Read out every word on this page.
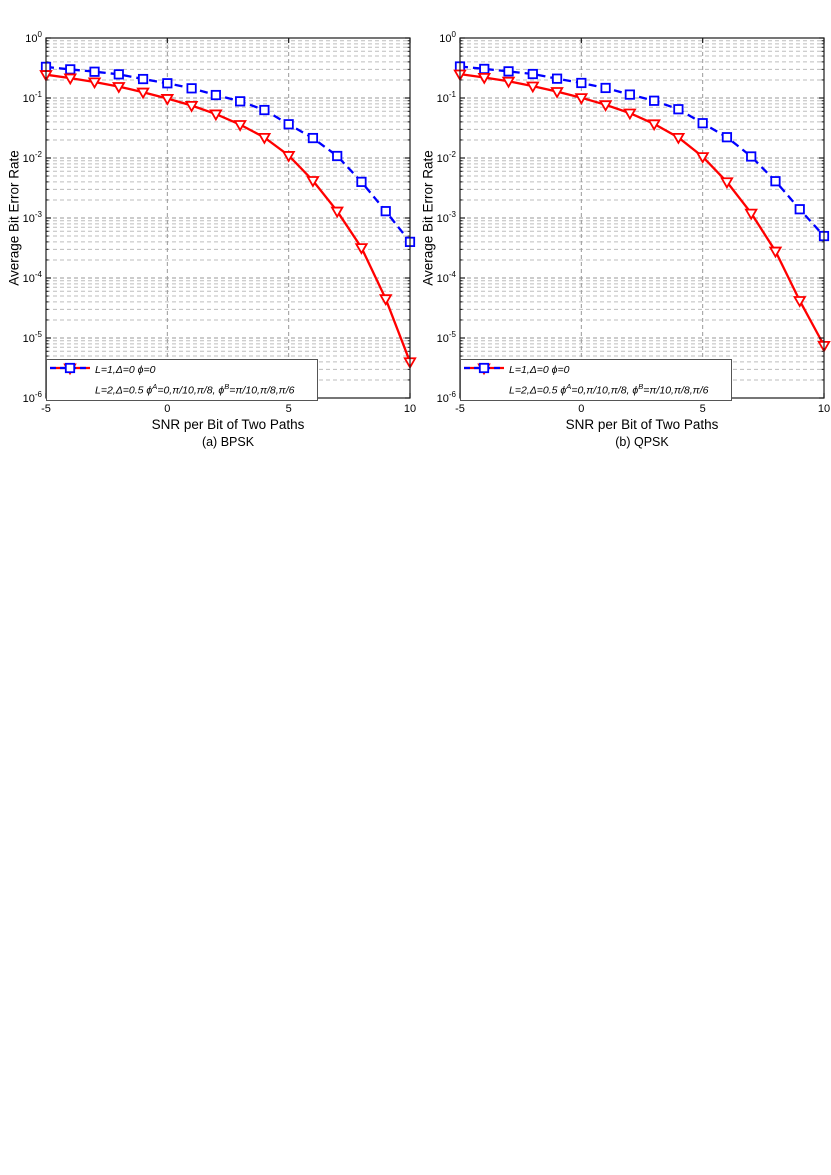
$10^0$
$10^{-1}$
$10^{-2}$
$10^{-3}$
$10^{-4}$
$10^{-5}$
$10^{-6}$
-5	0	5	10
Average Bit Error Rate
SNR per Bit of Two Paths
(a) BPSK
L=1,Δ=0 ϕ=0
L=2,Δ=0.5 $\phi^A=0,\pi/10,\pi/8$, $\phi^B=\pi/10,\pi/8,\pi/6$
$10^0$
$10^{-1}$
$10^{-2}$
$10^{-3}$
$10^{-4}$
$10^{-5}$
$10^{-6}$
-5	0	5	10
Average Bit Error Rate
SNR per Bit of Two Paths
(b) QPSK
L=1,Δ=0 ϕ=0
L=2,Δ=0.5 $\phi^A=0,\pi/10,\pi/8$, $\phi^B=\pi/10,\pi/8,\pi/6$
